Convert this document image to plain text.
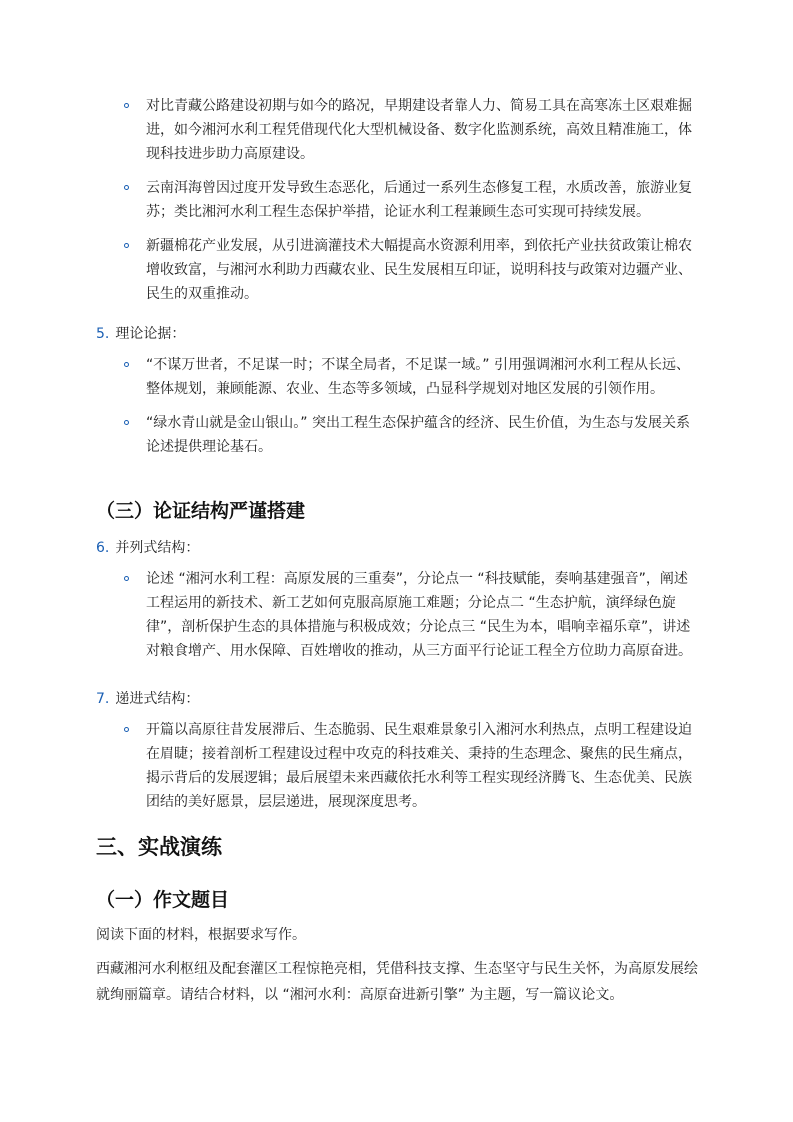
对比青藏公路建设初期与如今的路况，早期建设者靠人力、简易工具在高寒冻土区艰难掘进，如今湘河水利工程凭借现代化大型机械设备、数字化监测系统，高效且精准施工，体现科技进步助力高原建设。
云南洱海曾因过度开发导致生态恶化，后通过一系列生态修复工程，水质改善，旅游业复苏；类比湘河水利工程生态保护举措，论证水利工程兼顾生态可实现可持续发展。
新疆棉花产业发展，从引进滴灌技术大幅提高水资源利用率，到依托产业扶贫政策让棉农增收致富，与湘河水利助力西藏农业、民生发展相互印证，说明科技与政策对边疆产业、民生的双重推动。
5. 理论论据：
“不谋万世者，不足谋一时；不谋全局者，不足谋一域。” 引用强调湘河水利工程从长远、整体规划，兼顾能源、农业、生态等多领域，凸显科学规划对地区发展的引领作用。
“绿水青山就是金山银山。” 突出工程生态保护蕴含的经济、民生价值，为生态与发展关系论述提供理论基石。
（三）论证结构严谨搭建
6. 并列式结构：
论述 “湘河水利工程：高原发展的三重奏”，分论点一 “科技赋能，奏响基建强音”，阐述工程运用的新技术、新工艺如何克服高原施工难题；分论点二 “生态护航，演绎绿色旋律”，剖析保护生态的具体措施与积极成效；分论点三 “民生为本，唱响幸福乐章”，讲述对粮食增产、用水保障、百姓增收的推动，从三方面平行论证工程全方位助力高原奋进。
7. 递进式结构：
开篇以高原往昔发展滞后、生态脆弱、民生艰难景象引入湘河水利热点，点明工程建设迫在眉睫；接着剖析工程建设过程中攻克的科技难关、秉持的生态理念、聚焦的民生痛点，揭示背后的发展逻辑；最后展望未来西藏依托水利等工程实现经济腾飞、生态优美、民族团结的美好愿景，层层递进，展现深度思考。
三、实战演练
（一）作文题目

阅读下面的材料，根据要求写作。

西藏湘河水利枢纽及配套灌区工程惊艳亮相，凭借科技支撑、生态坚守与民生关怀，为高原发展绘就绚丽篇章。请结合材料，以 “湘河水利：高原奋进新引擎” 为主题，写一篇议论文。
